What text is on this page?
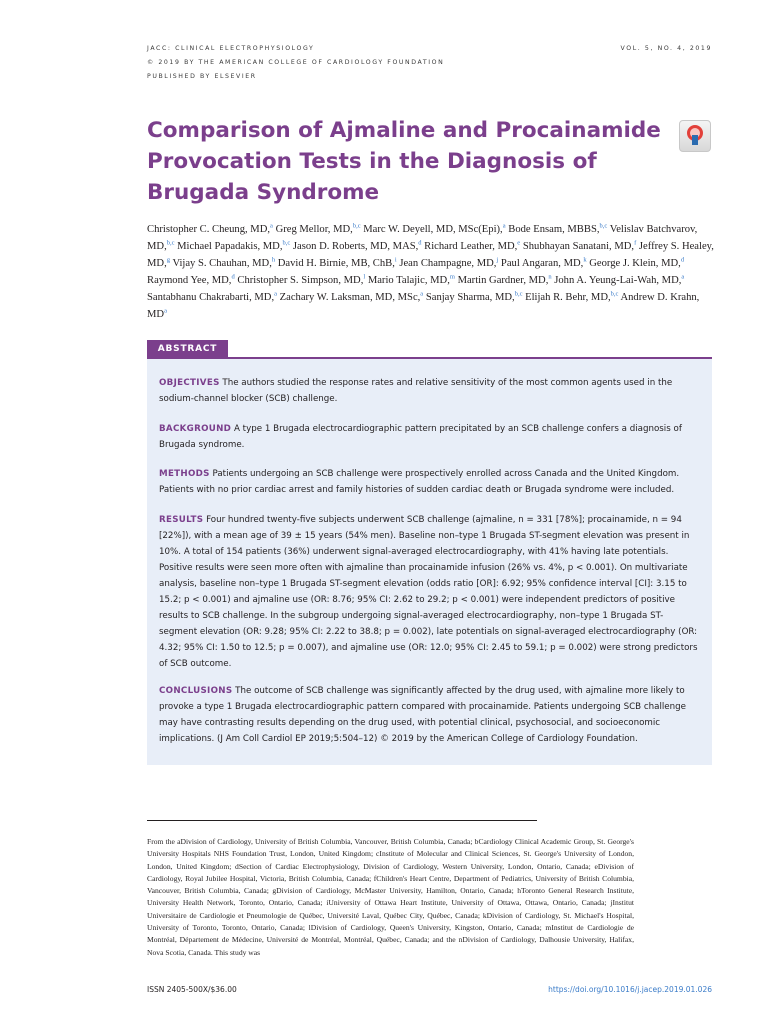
JACC: CLINICAL ELECTROPHYSIOLOGY
© 2019 BY THE AMERICAN COLLEGE OF CARDIOLOGY FOUNDATION
PUBLISHED BY ELSEVIER
VOL. 5, NO. 4, 2019
Comparison of Ajmaline and Procainamide Provocation Tests in the Diagnosis of Brugada Syndrome
Christopher C. Cheung, MD,$^a$ Greg Mellor, MD,$^{b,c}$ Marc W. Deyell, MD, MSc(Epi),$^a$ Bode Ensam, MBBS,$^{b,c}$ Velislav Batchvarov, MD,$^{b,c}$ Michael Papadakis, MD,$^{b,c}$ Jason D. Roberts, MD, MAS,$^d$ Richard Leather, MD,$^e$ Shubhayan Sanatani, MD,$^f$ Jeffrey S. Healey, MD,$^g$ Vijay S. Chauhan, MD,$^h$ David H. Birnie, MB, ChB,$^i$ Jean Champagne, MD,$^j$ Paul Angaran, MD,$^k$ George J. Klein, MD,$^d$ Raymond Yee, MD,$^d$ Christopher S. Simpson, MD,$^l$ Mario Talajic, MD,$^m$ Martin Gardner, MD,$^n$ John A. Yeung-Lai-Wah, MD,$^a$ Santabhanu Chakrabarti, MD,$^a$ Zachary W. Laksman, MD, MSc,$^a$ Sanjay Sharma, MD,$^{b,c}$ Elijah R. Behr, MD,$^{b,c}$ Andrew D. Krahn, MD$^a$
ABSTRACT

OBJECTIVES The authors studied the response rates and relative sensitivity of the most common agents used in the sodium-channel blocker (SCB) challenge.

BACKGROUND A type 1 Brugada electrocardiographic pattern precipitated by an SCB challenge confers a diagnosis of Brugada syndrome.

METHODS Patients undergoing an SCB challenge were prospectively enrolled across Canada and the United Kingdom. Patients with no prior cardiac arrest and family histories of sudden cardiac death or Brugada syndrome were included.

RESULTS Four hundred twenty-five subjects underwent SCB challenge (ajmaline, n = 331 [78%]; procainamide, n = 94 [22%]), with a mean age of 39 ± 15 years (54% men). Baseline non–type 1 Brugada ST-segment elevation was present in 10%. A total of 154 patients (36%) underwent signal-averaged electrocardiography, with 41% having late potentials. Positive results were seen more often with ajmaline than procainamide infusion (26% vs. 4%, p < 0.001). On multivariate analysis, baseline non–type 1 Brugada ST-segment elevation (odds ratio [OR]: 6.92; 95% confidence interval [CI]: 3.15 to 15.2; p < 0.001) and ajmaline use (OR: 8.76; 95% CI: 2.62 to 29.2; p < 0.001) were independent predictors of positive results to SCB challenge. In the subgroup undergoing signal-averaged electrocardiography, non–type 1 Brugada ST-segment elevation (OR: 9.28; 95% CI: 2.22 to 38.8; p = 0.002), late potentials on signal-averaged electrocardiography (OR: 4.32; 95% CI: 1.50 to 12.5; p = 0.007), and ajmaline use (OR: 12.0; 95% CI: 2.45 to 59.1; p = 0.002) were strong predictors of SCB outcome.

CONCLUSIONS The outcome of SCB challenge was significantly affected by the drug used, with ajmaline more likely to provoke a type 1 Brugada electrocardiographic pattern compared with procainamide. Patients undergoing SCB challenge may have contrasting results depending on the drug used, with potential clinical, psychosocial, and socioeconomic implications. (J Am Coll Cardiol EP 2019;5:504–12) © 2019 by the American College of Cardiology Foundation.

From the aDivision of Cardiology, University of British Columbia, Vancouver, British Columbia, Canada; bCardiology Clinical Academic Group, St. George's University Hospitals NHS Foundation Trust, London, United Kingdom; cInstitute of Molecular and Clinical Sciences, St. George's University of London, London, United Kingdom; dSection of Cardiac Electrophysiology, Division of Cardiology, Western University, London, Ontario, Canada; eDivision of Cardiology, Royal Jubilee Hospital, Victoria, British Columbia, Canada; fChildren's Heart Centre, Department of Pediatrics, University of British Columbia, Vancouver, British Columbia, Canada; gDivision of Cardiology, McMaster University, Hamilton, Ontario, Canada; hToronto General Research Institute, University Health Network, Toronto, Ontario, Canada; iUniversity of Ottawa Heart Institute, University of Ottawa, Ottawa, Ontario, Canada; jInstitut Universitaire de Cardiologie et Pneumologie de Québec, Université Laval, Québec City, Québec, Canada; kDivision of Cardiology, St. Michael's Hospital, University of Toronto, Toronto, Ontario, Canada; lDivision of Cardiology, Queen's University, Kingston, Ontario, Canada; mInstitut de Cardiologie de Montréal, Département de Médecine, Université de Montréal, Montréal, Québec, Canada; and the nDivision of Cardiology, Dalhousie University, Halifax, Nova Scotia, Canada. This study was

ISSN 2405-500X/$36.00	https://doi.org/10.1016/j.jacep.2019.01.026
